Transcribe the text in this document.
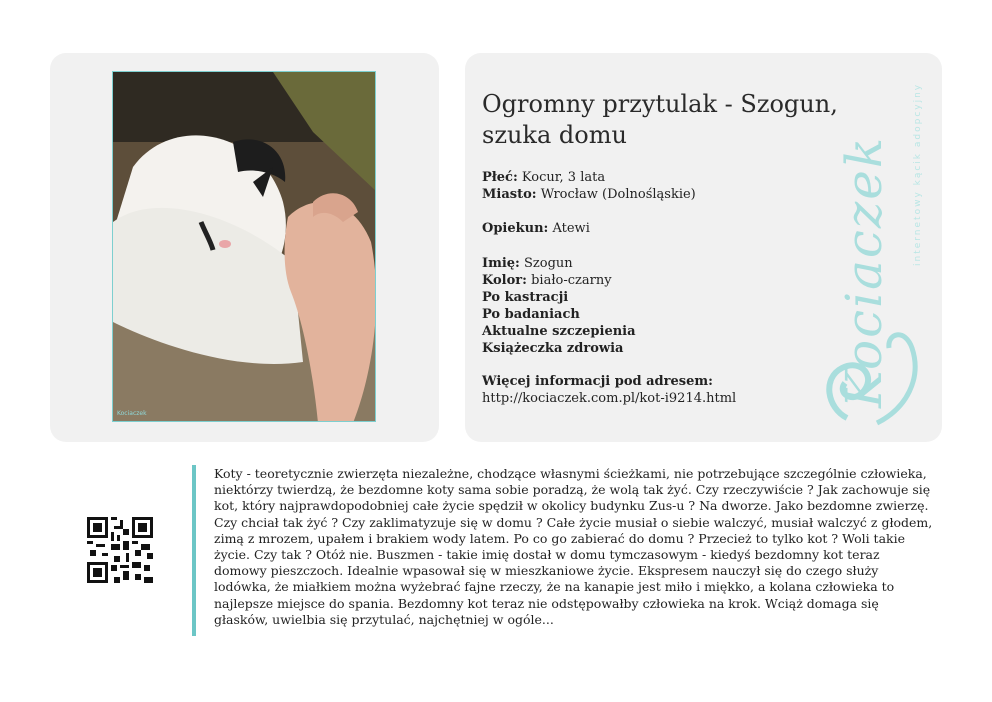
Kociaczek
Ogromny przytulak - Szogun, szuka domu
Płeć: Kocur, 3 lata
Miasto: Wrocław (Dolnośląskie)
Opiekun: Atewi
Imię: Szogun
Kolor: biało-czarny
Po kastracji
Po badaniach
Aktualne szczepienia
Książeczka zdrowia
Więcej informacji pod adresem:
http://kociaczek.com.pl/kot-i9214.html Kociaczek internetowy kącik adopcyjny

Koty - teoretycznie zwierzęta niezależne, chodzące własnymi ścieżkami, nie potrzebujące szczególnie człowieka, niektórzy twierdzą, że bezdomne koty sama sobie poradzą, że wolą tak żyć. Czy rzeczywiście ? Jak zachowuje się kot, który najprawdopodobniej całe życie spędził w okolicy budynku Zus-u ? Na dworze. Jako bezdomne zwierzę. Czy chciał tak żyć ? Czy zaklimatyzuje się w domu ? Całe życie musiał o siebie walczyć, musiał walczyć z głodem, zimą z mrozem, upałem i brakiem wody latem. Po co go zabierać do domu ? Przecież to tylko kot ? Woli takie życie. Czy tak ? Otóż nie. Buszmen - takie imię dostał w domu tymczasowym - kiedyś bezdomny kot teraz domowy pieszczoch. Idealnie wpasował się w mieszkaniowe życie. Ekspresem nauczył się do czego służy lodówka, że miałkiem można wyżebrać fajne rzeczy, że na kanapie jest miło i miękko, a kolana człowieka to najlepsze miejsce do spania. Bezdomny kot teraz nie odstępowałby człowieka na krok. Wciąż domaga się głasków, uwielbia się przytulać, najchętniej w ogóle...
